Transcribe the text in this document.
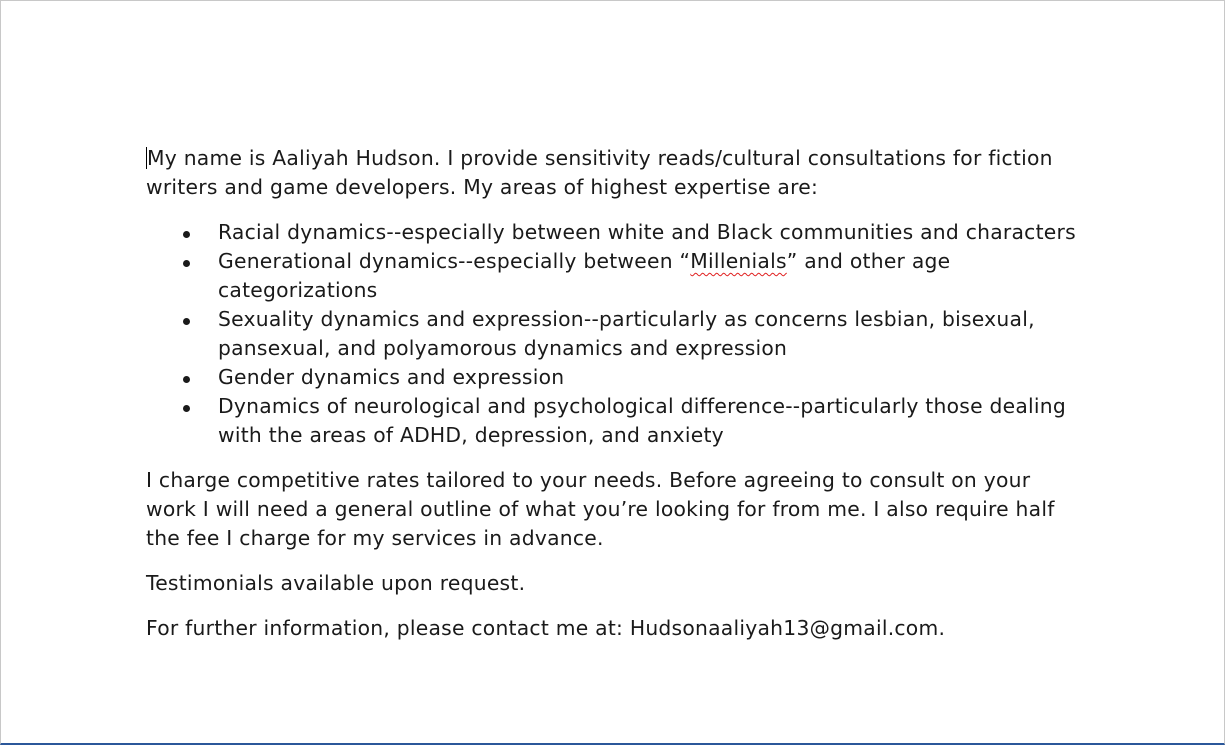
My name is Aaliyah Hudson. I provide sensitivity reads/cultural consultations for fiction writers and game developers. My areas of highest expertise are:

Racial dynamics--especially between white and Black communities and characters
Generational dynamics--especially between “Millenials” and other age categorizations
Sexuality dynamics and expression--particularly as concerns lesbian, bisexual, pansexual, and polyamorous dynamics and expression
Gender dynamics and expression
Dynamics of neurological and psychological difference--particularly those dealing with the areas of ADHD, depression, and anxiety

I charge competitive rates tailored to your needs. Before agreeing to consult on your work I will need a general outline of what you’re looking for from me. I also require half the fee I charge for my services in advance.

Testimonials available upon request.

For further information, please contact me at: Hudsonaaliyah13@gmail.com.
